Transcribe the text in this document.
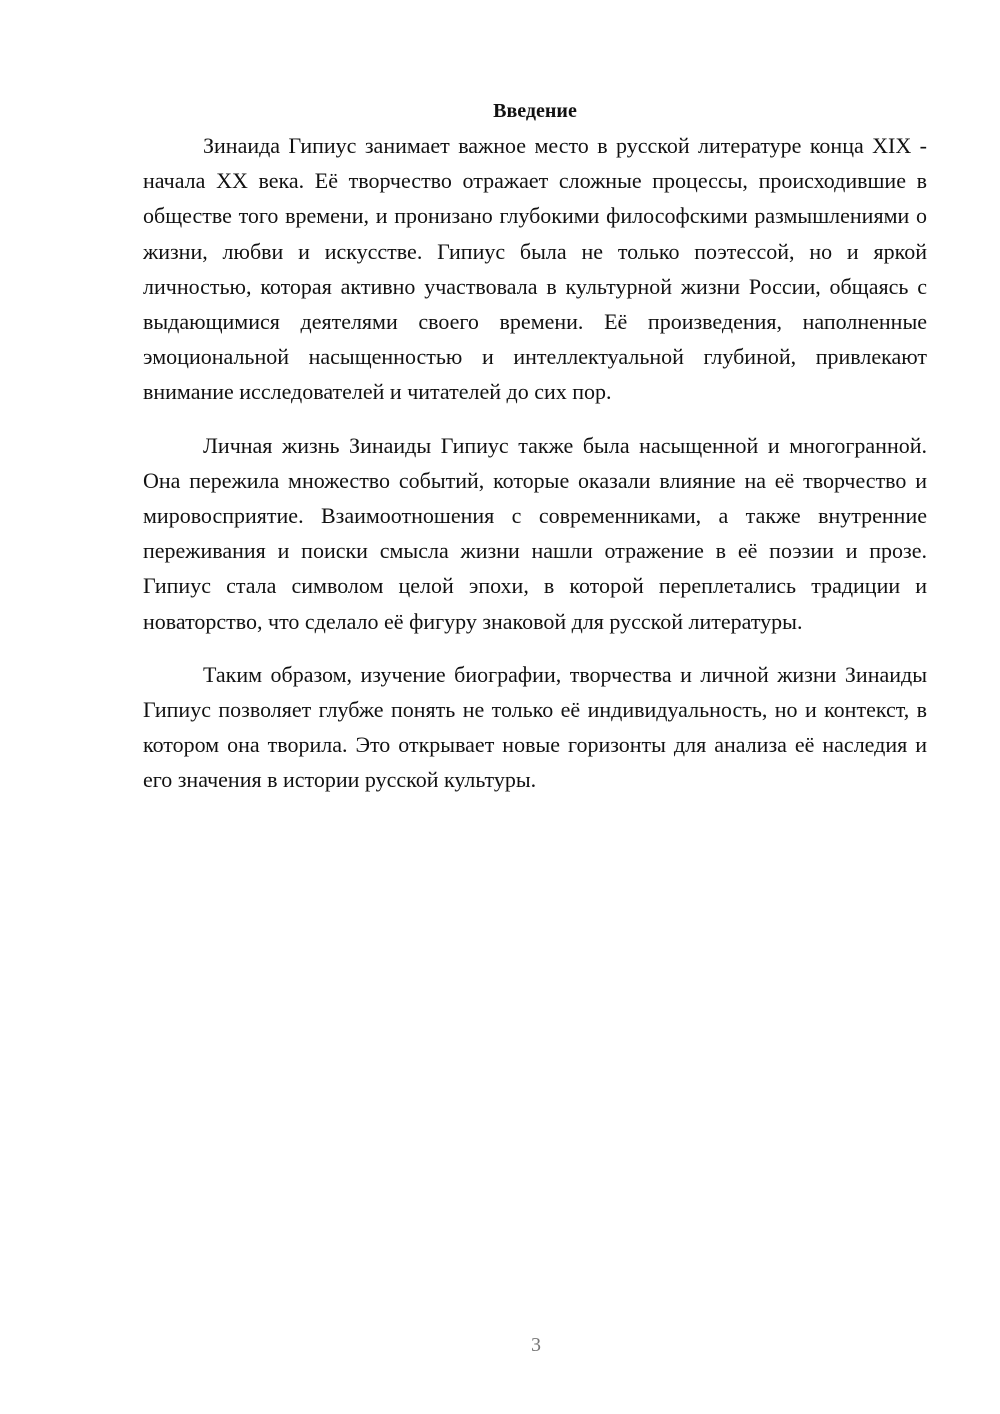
Введение

Зинаида Гипиус занимает важное место в русской литературе конца XIX - начала XX века. Её творчество отражает сложные процессы, происходившие в обществе того времени, и пронизано глубокими философскими размышлениями о жизни, любви и искусстве. Гипиус была не только поэтессой, но и яркой личностью, которая активно участвовала в культурной жизни России, общаясь с выдающимися деятелями своего времени. Её произведения, наполненные эмоциональной насыщенностью и интеллектуальной глубиной, привлекают внимание исследователей и читателей до сих пор.

Личная жизнь Зинаиды Гипиус также была насыщенной и многогранной. Она пережила множество событий, которые оказали влияние на её творчество и мировосприятие. Взаимоотношения с современниками, а также внутренние переживания и поиски смысла жизни нашли отражение в её поэзии и прозе. Гипиус стала символом целой эпохи, в которой переплетались традиции и новаторство, что сделало её фигуру знаковой для русской литературы.

Таким образом, изучение биографии, творчества и личной жизни Зинаиды Гипиус позволяет глубже понять не только её индивидуальность, но и контекст, в котором она творила. Это открывает новые горизонты для анализа её наследия и его значения в истории русской культуры.

3
